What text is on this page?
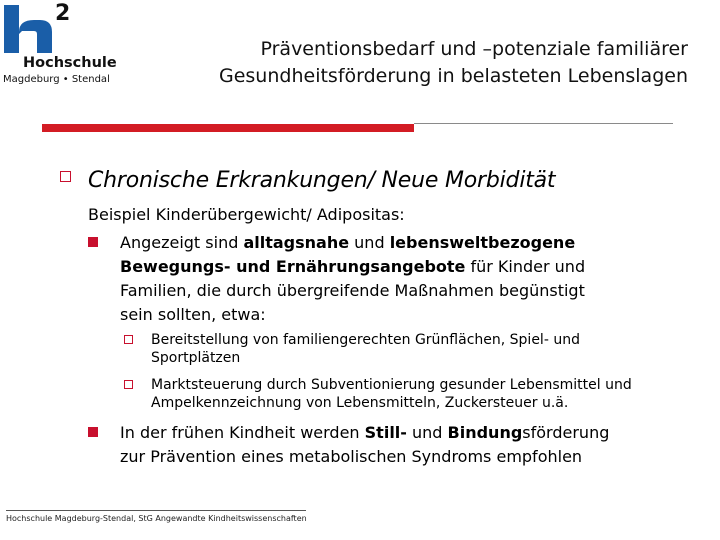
2
Hochschule
Magdeburg • Stendal
Präventionsbedarf und –potenziale familiärer
Gesundheitsförderung in belasteten Lebenslagen
Chronische Erkrankungen/ Neue Morbidität
Beispiel Kinderübergewicht/ Adipositas:
Angezeigt sind alltagsnahe und lebensweltbezogene
Bewegungs- und Ernährungsangebote für Kinder und
Familien, die durch übergreifende Maßnahmen begünstigt
sein sollten, etwa:
Bereitstellung von familiengerechten Grünflächen, Spiel- und
Sportplätzen
Marktsteuerung durch Subventionierung gesunder Lebensmittel und
Ampelkennzeichnung von Lebensmitteln, Zuckersteuer u.ä.
In der frühen Kindheit werden Still- und Bindungsförderung
zur Prävention eines metabolischen Syndroms empfohlen
Hochschule Magdeburg-Stendal, StG Angewandte Kindheitswissenschaften
